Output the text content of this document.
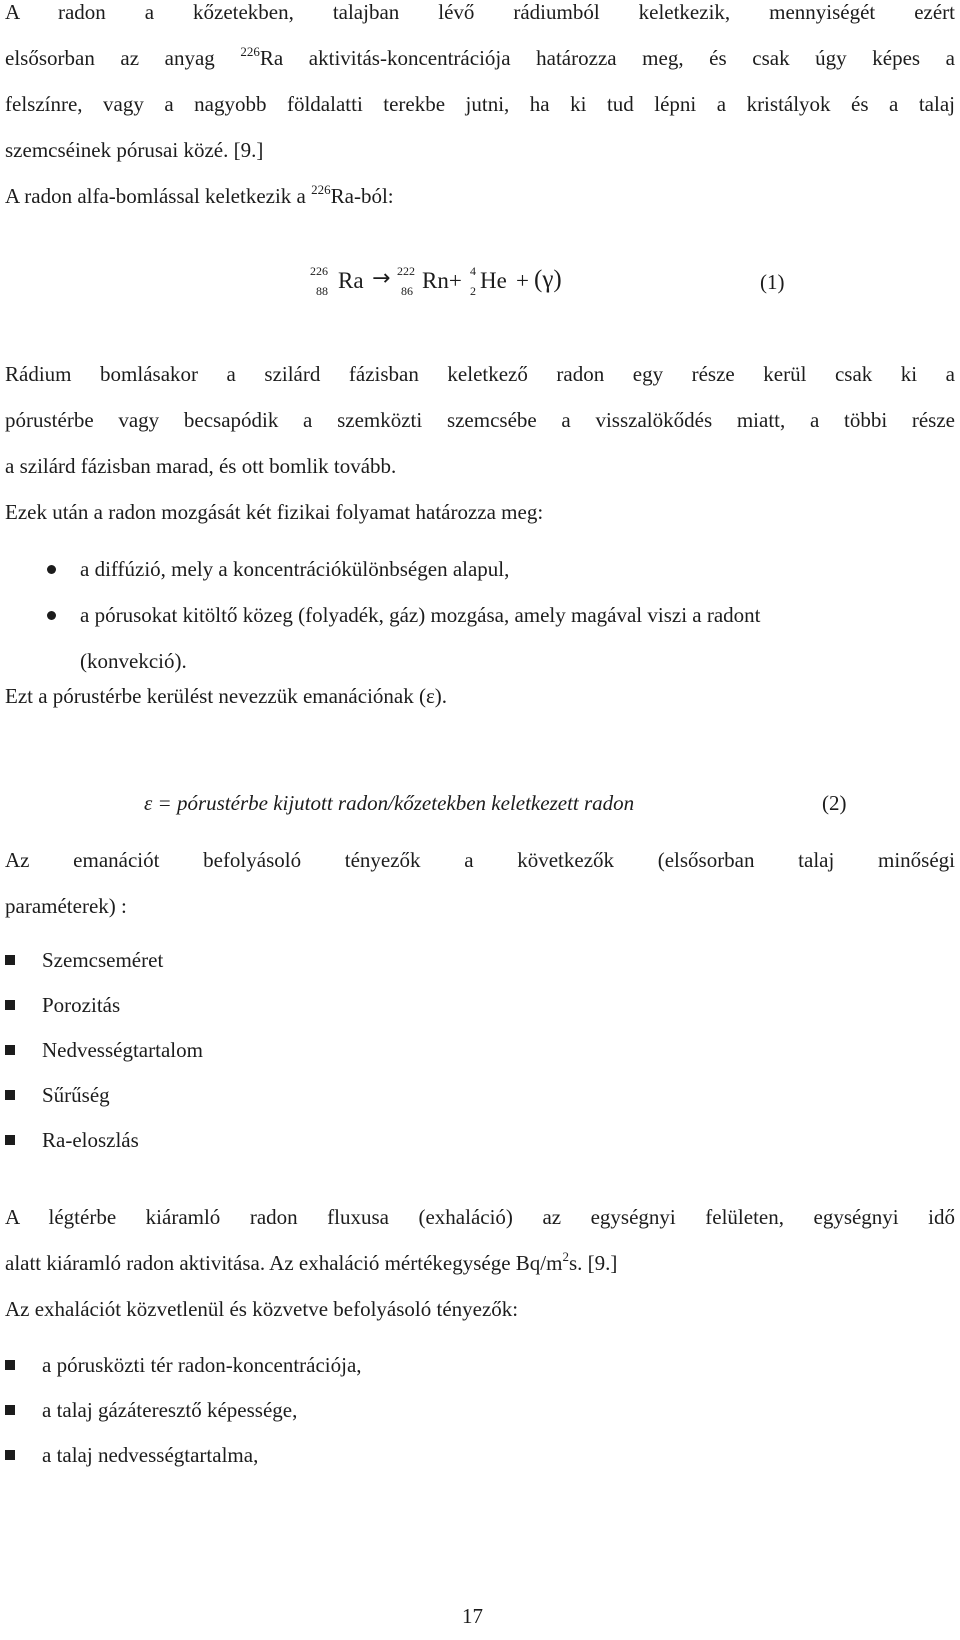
A radon a kőzetekben, talajban lévő rádiumból keletkezik, mennyiségét ezért

elsősorban az anyag $^{226}$Ra aktivitás-koncentrációja határozza meg, és csak úgy képes a

felszínre, vagy a nagyobb földalatti terekbe jutni, ha ki tud lépni a kristályok és a talaj

szemcséinek pórusai közé. [9.]

A radon alfa-bomlással keletkezik a $^{226}$Ra-ból:

226
88 Ra → 222
86 Rn+ 4
2 He + (γ)	(1)

Rádium bomlásakor a szilárd fázisban keletkező radon egy része kerül csak ki a

pórustérbe vagy becsapódik a szemközti szemcsébe a visszalökődés miatt, a többi része

a szilárd fázisban marad, és ott bomlik tovább.

Ezek után a radon mozgását két fizikai folyamat határozza meg:

a diffúzió, mely a koncentrációkülönbségen alapul,
a pórusokat kitöltő közeg (folyadék, gáz) mozgása, amely magával viszi a radont
(konvekció).

Ezt a pórustérbe kerülést nevezzük emanációnak (ε).

ε = pórustérbe kijutott radon/kőzetekben keletkezett radon	(2)

Az emanációt befolyásoló tényezők a következők (elsősorban talaj minőségi

paraméterek) :

Szemcseméret
Porozitás
Nedvességtartalom
Sűrűség
Ra-eloszlás

A légtérbe kiáramló radon fluxusa (exhaláció) az egységnyi felületen, egységnyi idő

alatt kiáramló radon aktivitása. Az exhaláció mértékegysége $Bq/m^2s$. [9.]

Az exhalációt közvetlenül és közvetve befolyásoló tényezők:

a pórusközti tér radon-koncentrációja,
a talaj gázáteresztő képessége,
a talaj nedvességtartalma,
17
